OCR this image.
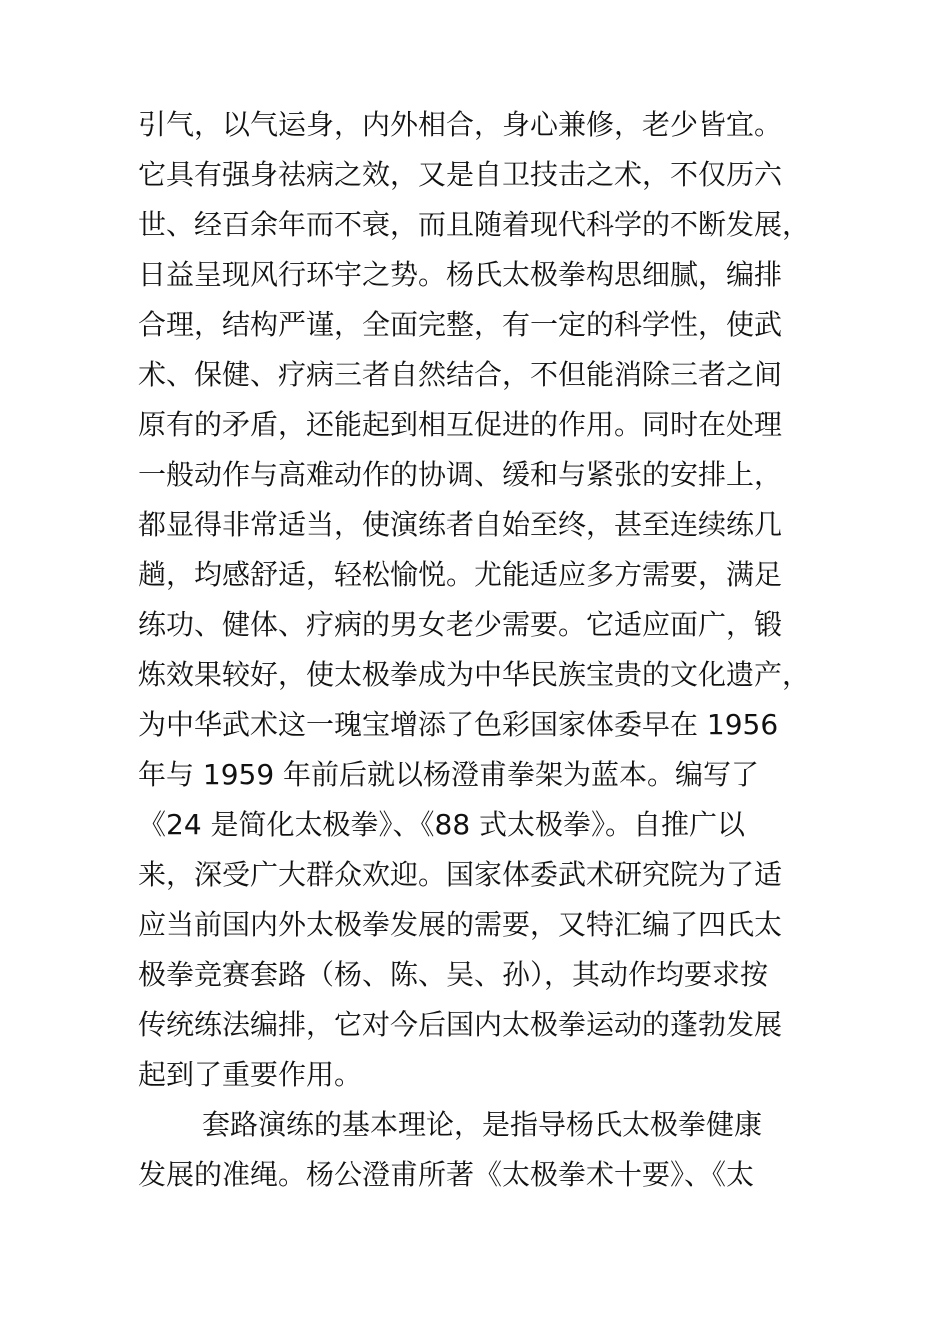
引气，以气运身，内外相合，身心兼修，老少皆宜。
它具有强身祛病之效，又是自卫技击之术，不仅历六
世、经百余年而不衰，而且随着现代科学的不断发展，
日益呈现风行环宇之势。杨氏太极拳构思细腻，编排
合理，结构严谨，全面完整，有一定的科学性，使武
术、保健、疗病三者自然结合，不但能消除三者之间
原有的矛盾，还能起到相互促进的作用。同时在处理
一般动作与高难动作的协调、缓和与紧张的安排上，
都显得非常适当，使演练者自始至终，甚至连续练几
趟，均感舒适，轻松愉悦。尤能适应多方需要，满足
练功、健体、疗病的男女老少需要。它适应面广，锻
炼效果较好，使太极拳成为中华民族宝贵的文化遗产，
为中华武术这一瑰宝增添了色彩国家体委早在 1956
年与 1959 年前后就以杨澄甫拳架为蓝本。编写了
《24 是简化太极拳》、《88 式太极拳》。自推广以
来，深受广大群众欢迎。国家体委武术研究院为了适
应当前国内外太极拳发展的需要，又特汇编了四氏太
极拳竞赛套路（杨、陈、吴、孙），其动作均要求按
传统练法编排，它对今后国内太极拳运动的蓬勃发展
起到了重要作用。
套路演练的基本理论，是指导杨氏太极拳健康
发展的准绳。杨公澄甫所著《太极拳术十要》、《太
